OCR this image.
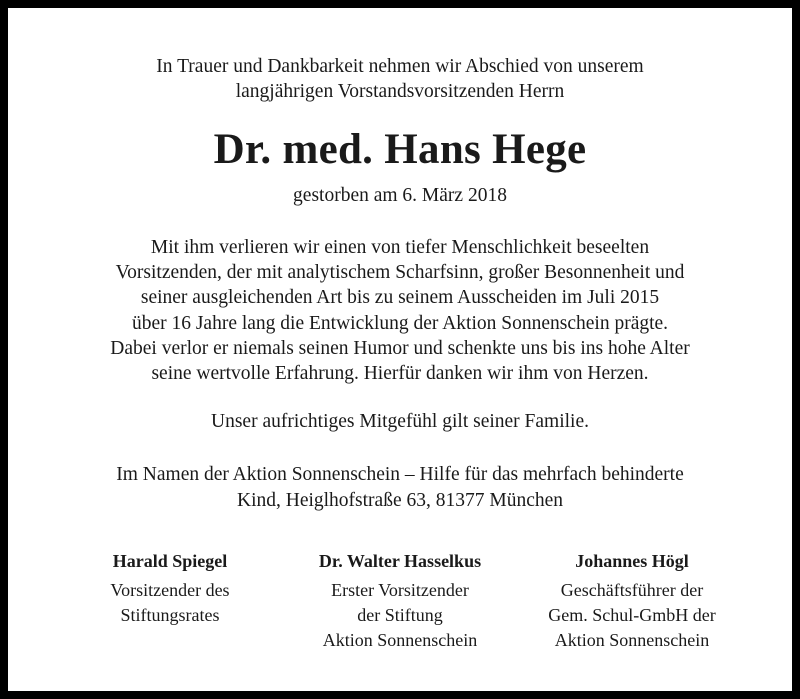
In Trauer und Dankbarkeit nehmen wir Abschied von unserem
langjährigen Vorstandsvorsitzenden Herrn
Dr. med. Hans Hege
gestorben am 6. März 2018
Mit ihm verlieren wir einen von tiefer Menschlichkeit beseelten
Vorsitzenden, der mit analytischem Scharfsinn, großer Besonnenheit und
seiner ausgleichenden Art bis zu seinem Ausscheiden im Juli 2015
über 16 Jahre lang die Entwicklung der Aktion Sonnenschein prägte.
Dabei verlor er niemals seinen Humor und schenkte uns bis ins hohe Alter
seine wertvolle Erfahrung. Hierfür danken wir ihm von Herzen.
Unser aufrichtiges Mitgefühl gilt seiner Familie.
Im Namen der Aktion Sonnenschein – Hilfe für das mehrfach behinderte
Kind, Heiglhofstraße 63, 81377 München
Harald Spiegel
Vorsitzender des
Stiftungsrates
Dr. Walter Hasselkus
Erster Vorsitzender
der Stiftung
Aktion Sonnenschein
Johannes Högl
Geschäftsführer der
Gem. Schul-GmbH der
Aktion Sonnenschein
